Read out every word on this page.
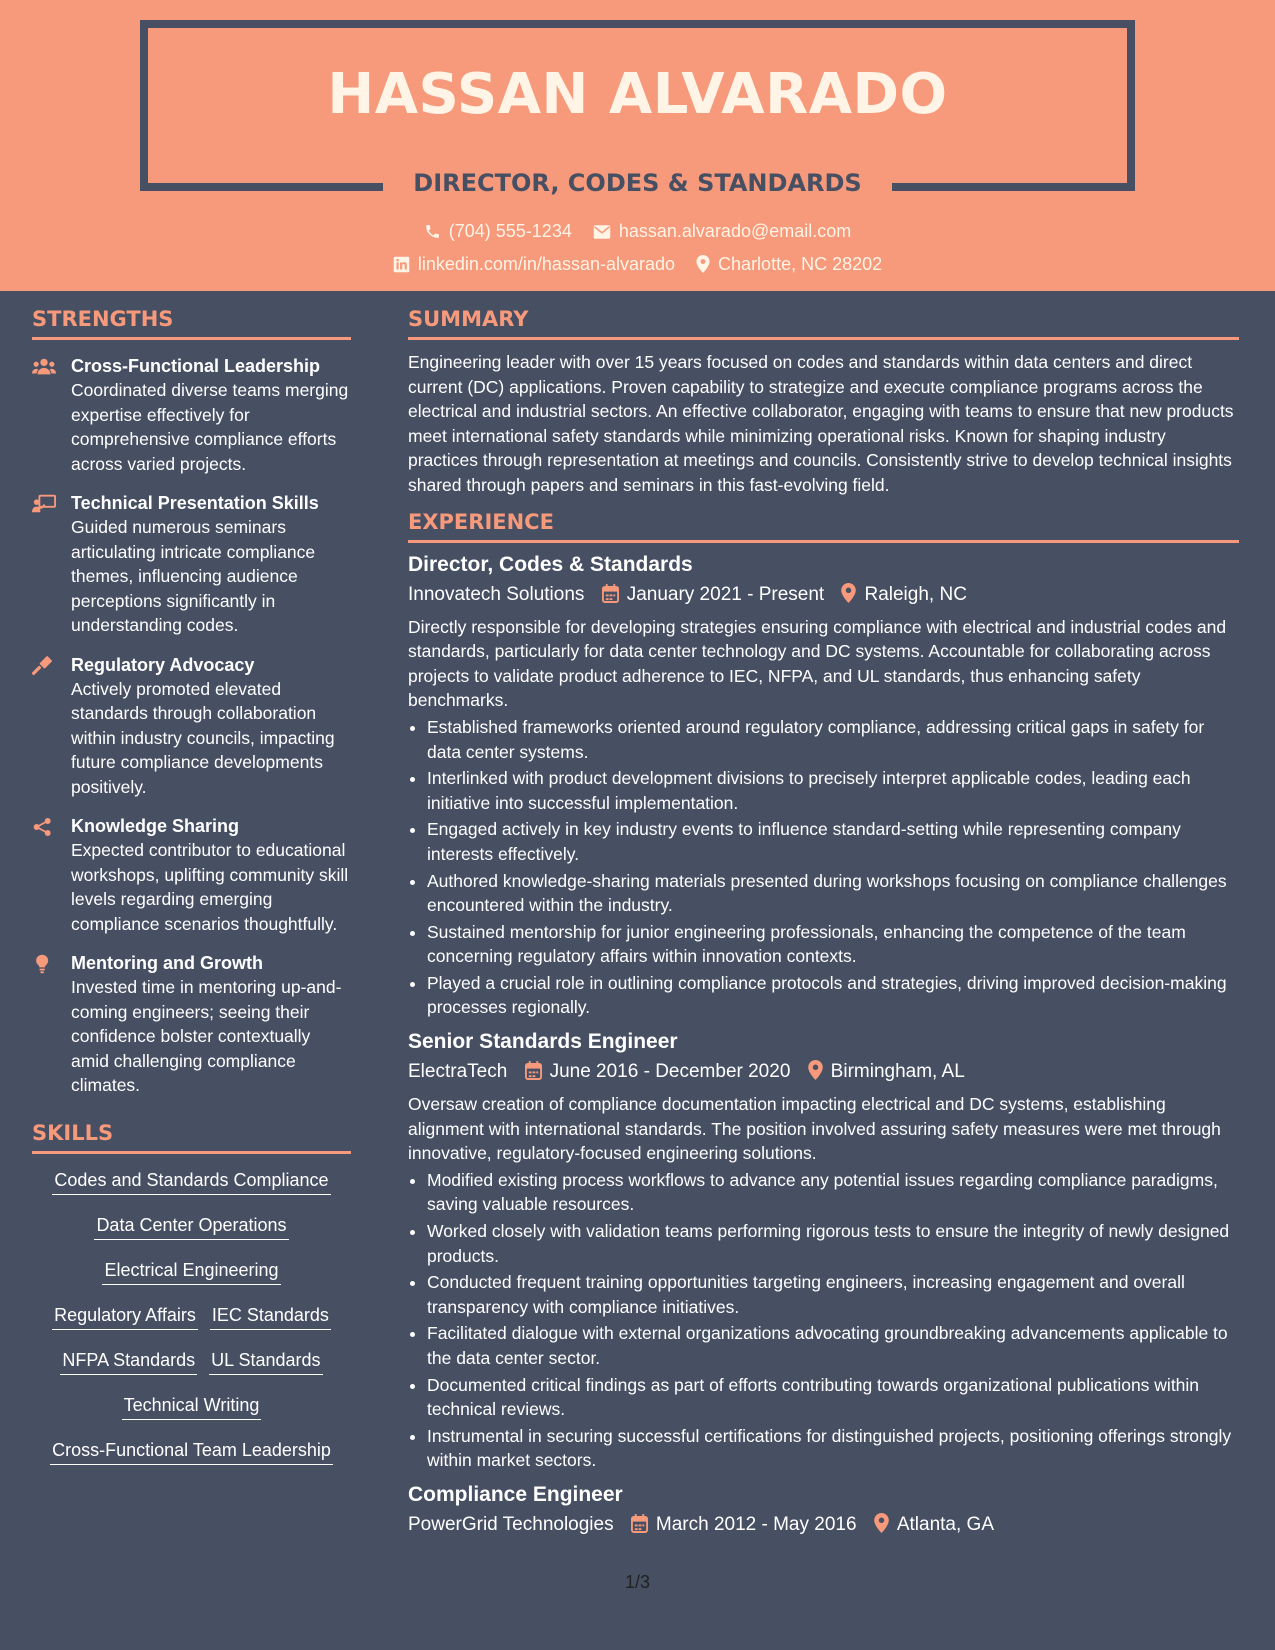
HASSAN ALVARADO
DIRECTOR, CODES & STANDARDS
(704) 555-1234	hassan.alvarado@email.com
linkedin.com/in/hassan-alvarado Charlotte, NC 28202
STRENGTHS
Cross-Functional Leadership
Coordinated diverse teams merging expertise effectively for comprehensive compliance efforts across varied projects.
Technical Presentation Skills
Guided numerous seminars articulating intricate compliance themes, influencing audience perceptions significantly in understanding codes.
Regulatory Advocacy
Actively promoted elevated standards through collaboration within industry councils, impacting future compliance developments positively.
Knowledge Sharing
Expected contributor to educational workshops, uplifting community skill levels regarding emerging compliance scenarios thoughtfully.
Mentoring and Growth
Invested time in mentoring up-and-coming engineers; seeing their confidence bolster contextually amid challenging compliance climates.
SKILLS
Codes and Standards Compliance
Data Center Operations
Electrical Engineering
Regulatory Affairs IEC Standards
NFPA Standards UL Standards
Technical Writing
Cross-Functional Team Leadership
SUMMARY
Engineering leader with over 15 years focused on codes and standards within data centers and direct current (DC) applications. Proven capability to strategize and execute compliance programs across the electrical and industrial sectors. An effective collaborator, engaging with teams to ensure that new products meet international safety standards while minimizing operational risks. Known for shaping industry practices through representation at meetings and councils. Consistently strive to develop technical insights shared through papers and seminars in this fast-evolving field.
EXPERIENCE
Director, Codes & Standards
Innovatech Solutions January 2021 - Present Raleigh, NC
Directly responsible for developing strategies ensuring compliance with electrical and industrial codes and standards, particularly for data center technology and DC systems. Accountable for collaborating across projects to validate product adherence to IEC, NFPA, and UL standards, thus enhancing safety benchmarks.
• Established frameworks oriented around regulatory compliance, addressing critical gaps in safety for data center systems.
• Interlinked with product development divisions to precisely interpret applicable codes, leading each initiative into successful implementation.
• Engaged actively in key industry events to influence standard-setting while representing company interests effectively.
• Authored knowledge-sharing materials presented during workshops focusing on compliance challenges encountered within the industry.
• Sustained mentorship for junior engineering professionals, enhancing the competence of the team concerning regulatory affairs within innovation contexts.
• Played a crucial role in outlining compliance protocols and strategies, driving improved decision-making processes regionally.
Senior Standards Engineer
ElectraTech June 2016 - December 2020 Birmingham, AL
Oversaw creation of compliance documentation impacting electrical and DC systems, establishing alignment with international standards. The position involved assuring safety measures were met through innovative, regulatory-focused engineering solutions.
• Modified existing process workflows to advance any potential issues regarding compliance paradigms, saving valuable resources.
• Worked closely with validation teams performing rigorous tests to ensure the integrity of newly designed products.
• Conducted frequent training opportunities targeting engineers, increasing engagement and overall transparency with compliance initiatives.
• Facilitated dialogue with external organizations advocating groundbreaking advancements applicable to the data center sector.
• Documented critical findings as part of efforts contributing towards organizational publications within technical reviews.
• Instrumental in securing successful certifications for distinguished projects, positioning offerings strongly within market sectors.
Compliance Engineer
PowerGrid Technologies March 2012 - May 2016 Atlanta, GA
1/3
